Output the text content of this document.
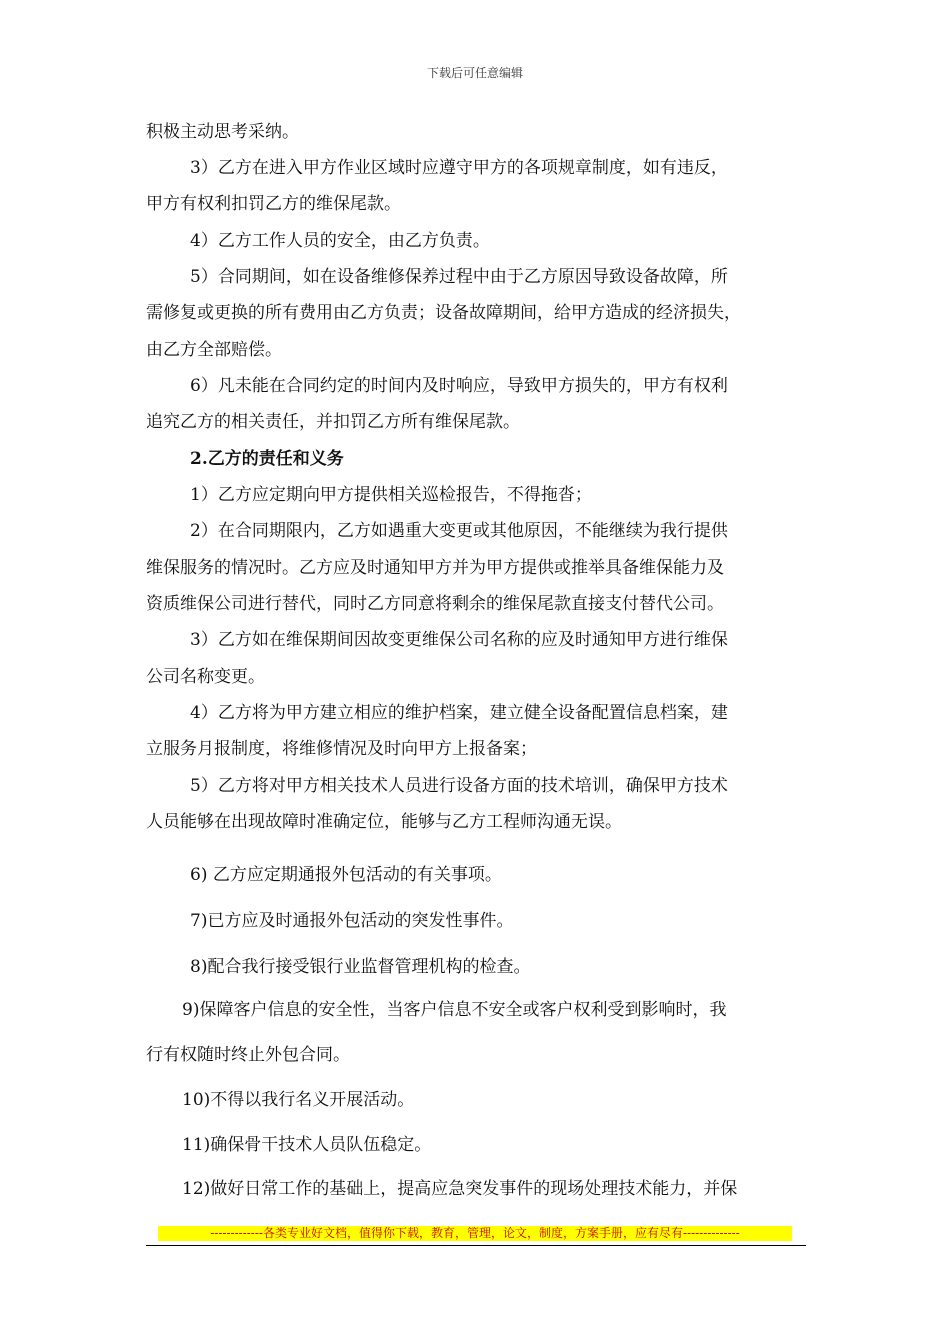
下载后可任意编辑
积极主动思考采纳。
3）乙方在进入甲方作业区域时应遵守甲方的各项规章制度，如有违反，
甲方有权利扣罚乙方的维保尾款。
4）乙方工作人员的安全，由乙方负责。
5）合同期间，如在设备维修保养过程中由于乙方原因导致设备故障，所
需修复或更换的所有费用由乙方负责；设备故障期间，给甲方造成的经济损失，
由乙方全部赔偿。
6）凡未能在合同约定的时间内及时响应，导致甲方损失的，甲方有权利
追究乙方的相关责任，并扣罚乙方所有维保尾款。
2.乙方的责任和义务
1）乙方应定期向甲方提供相关巡检报告，不得拖沓；
2）在合同期限内，乙方如遇重大变更或其他原因，不能继续为我行提供
维保服务的情况时。乙方应及时通知甲方并为甲方提供或推举具备维保能力及
资质维保公司进行替代，同时乙方同意将剩余的维保尾款直接支付替代公司。
3）乙方如在维保期间因故变更维保公司名称的应及时通知甲方进行维保
公司名称变更。
4）乙方将为甲方建立相应的维护档案，建立健全设备配置信息档案，建
立服务月报制度，将维修情况及时向甲方上报备案；
5）乙方将对甲方相关技术人员进行设备方面的技术培训，确保甲方技术
人员能够在出现故障时准确定位，能够与乙方工程师沟通无误。
6) 乙方应定期通报外包活动的有关事项。
7)已方应及时通报外包活动的突发性事件。
8)配合我行接受银行业监督管理机构的检查。
9)保障客户信息的安全性，当客户信息不安全或客户权利受到影响时，我
行有权随时终止外包合同。
10)不得以我行名义开展活动。
11)确保骨干技术人员队伍稳定。
12)做好日常工作的基础上，提高应急突发事件的现场处理技术能力，并保
-------------各类专业好文档，值得你下载，教育，管理，论文，制度，方案手册，应有尽有--------------
